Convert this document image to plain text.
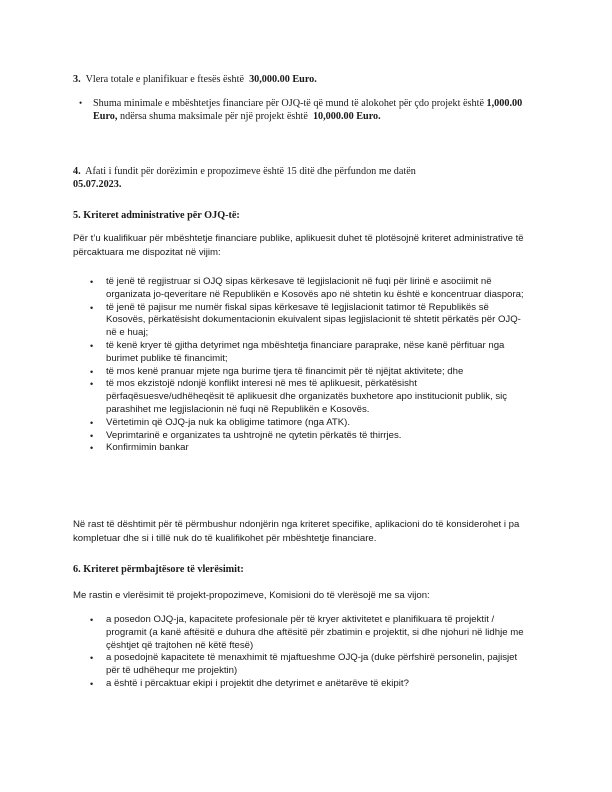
3. Vlera totale e planifikuar e ftesës është 30,000.00 Euro.
•	Shuma minimale e mbështetjes financiare për OJQ-të që mund të alokohet për çdo projekt është 1,000.00 Euro, ndërsa shuma maksimale për një projekt është 10,000.00 Euro.
4. Afati i fundit për dorëzimin e propozimeve është 15 ditë dhe përfundon me datën
05.07.2023.
5. Kriteret administrative për OJQ-të:
Për t’u kualifikuar për mbështetje financiare publike, aplikuesit duhet të plotësojnë kriteret administrative të përcaktuara me dispozitat në vijim:
•	të jenë të regjistruar si OJQ sipas kërkesave të legjislacionit në fuqi për lirinë e asociimit në organizata jo-qeveritare në Republikën e Kosovës apo në shtetin ku është e koncentruar diaspora;
•	të jenë të pajisur me numër fiskal sipas kërkesave të legjislacionit tatimor të Republikës së Kosovës, përkatësisht dokumentacionin ekuivalent sipas legjislacionit të shtetit përkatës për OJQ-në e huaj;
•	të kenë kryer të gjitha detyrimet nga mbështetja financiare paraprake, nëse kanë përfituar nga burimet publike të financimit;
•	të mos kenë pranuar mjete nga burime tjera të financimit për të njëjtat aktivitete; dhe
•	të mos ekzistojë ndonjë konflikt interesi në mes të aplikuesit, përkatësisht përfaqësuesve/udhëheqësit të aplikuesit dhe organizatës buxhetore apo institucionit publik, siç parashihet me legjislacionin në fuqi në Republikën e Kosovës.
•	Vërtetimin që OJQ-ja nuk ka obligime tatimore (nga ATK).
•	Veprimtarinë e organizates ta ushtrojnë ne qytetin përkatës të thirrjes.
•	Konfirmimin bankar
Në rast të dështimit për të përmbushur ndonjërin nga kriteret specifike, aplikacioni do të konsiderohet i pa kompletuar dhe si i tillë nuk do të kualifikohet për mbështetje financiare.
6. Kriteret përmbajtësore të vlerësimit:
Me rastin e vlerësimit të projekt-propozimeve, Komisioni do të vlerësojë me sa vijon:
•	a posedon OJQ-ja, kapacitete profesionale për të kryer aktivitetet e planifikuara të projektit / programit (a kanë aftësitë e duhura dhe aftësitë për zbatimin e projektit, si dhe njohuri në lidhje me çështjet që trajtohen në këtë ftesë)
•	a posedojnë kapacitete të menaxhimit të mjaftueshme OJQ-ja (duke përfshirë personelin, pajisjet për të udhëhequr me projektin)
•	a është i përcaktuar ekipi i projektit dhe detyrimet e anëtarëve të ekipit?
